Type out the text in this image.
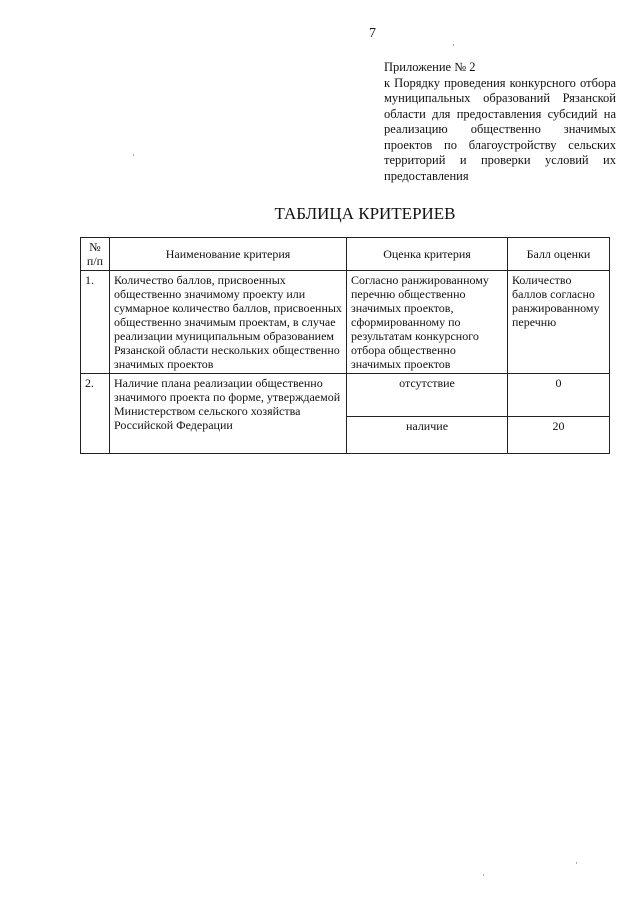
7

Приложение № 2

к Порядку проведения конкурсного отбора муниципальных образований Рязанской области для предоставления субсидий на реализацию общественно значимых проектов по благоустройству сельских территорий и проверки условий их предоставления

ТАБЛИЦА КРИТЕРИЕВ
№ п/п	Наименование критерия	Оценка критерия	Балл оценки
1.	Количество баллов, присвоенных общественно значимому проекту или суммарное количество баллов, присвоенных общественно значимым проектам, в случае реализации муниципальным образованием Рязанской области нескольких общественно значимых проектов	Согласно ранжированному перечню общественно значимых проектов, сформированному по результатам конкурсного отбора общественно значимых проектов	Количество баллов согласно ранжированному перечню
2.	Наличие плана реализации общественно значимого проекта по форме, утверждаемой Министерством сельского хозяйства Российской Федерации	отсутствие	0
		наличие	20
·
·
·
·
